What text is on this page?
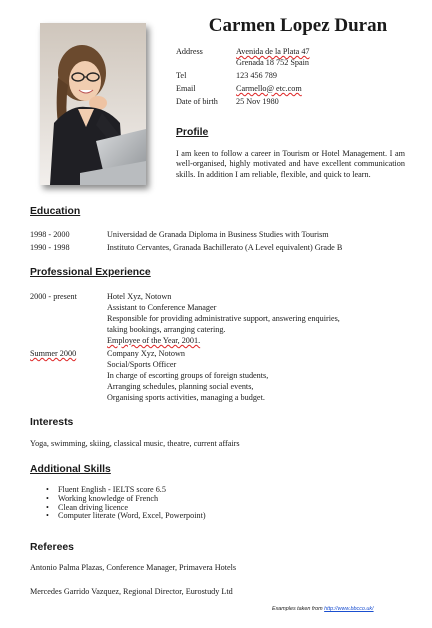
Carmen Lopez Duran
Address	Avenida de la Plata 47
Grenada 18 752 Spain
Tel	123 456 789
Email	Carmello@ etc.com
Date of birth 25 Nov 1980
Profile
I am keen to follow a career in Tourism or Hotel Management. I am well-organised, highly motivated and have excellent communication skills. In addition I am reliable, flexible, and quick to learn.
Education
1998 - 2000	Universidad de Granada Diploma in Business Studies with Tourism
1990 - 1998	Instituto Cervantes, Granada Bachillerato (A Level equivalent) Grade B
Professional Experience
2000 - present	Hotel Xyz, Notown
Assistant to Conference Manager
Responsible for providing administrative support, answering enquiries,
taking bookings, arranging catering.
Employee of the Year, 2001.
Summer 2000	Company Xyz, Notown
Social/Sports Officer
In charge of escorting groups of foreign students,
Arranging schedules, planning social events,
Organising sports activities, managing a budget.
Interests
Yoga, swimming, skiing, classical music, theatre, current affairs
Additional Skills
• Fluent English - IELTS score 6.5
• Working knowledge of French
• Clean driving licence
• Computer literate (Word, Excel, Powerpoint)
Referees
Antonio Palma Plazas, Conference Manager, Primavera Hotels
Mercedes Garrido Vazquez, Regional Director, Eurostudy Ltd
Examples taken from http://www.bbcco.uk/
